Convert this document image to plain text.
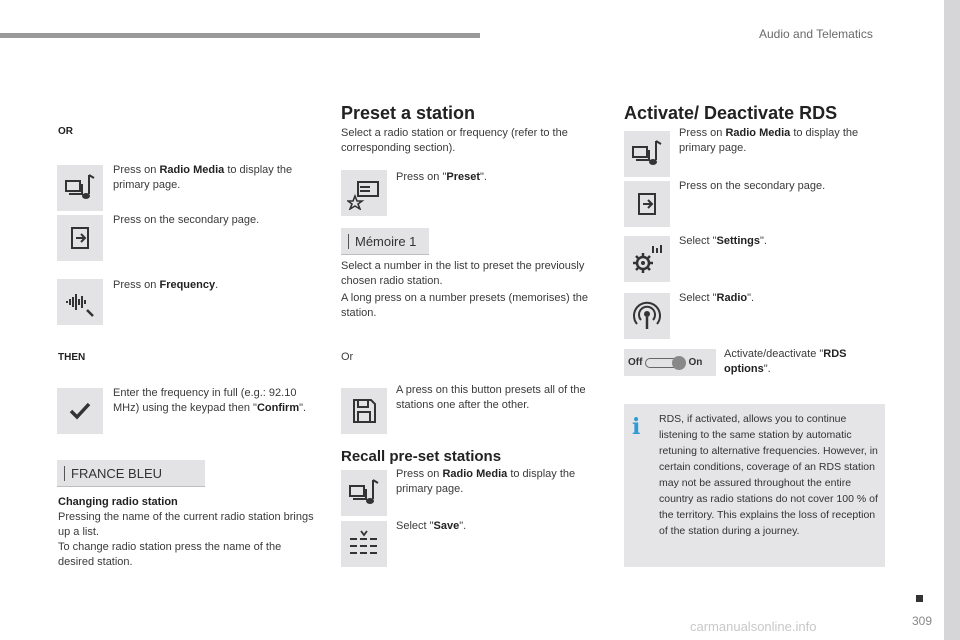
Audio and Telematics
OR
Press on Radio Media to display the primary page.
Press on the secondary page.
Press on Frequency.
THEN
Enter the frequency in full (e.g.: 92.10 MHz) using the keypad then "Confirm".
FRANCE BLEU
Changing radio station
Pressing the name of the current radio station brings up a list.
To change radio station press the name of the desired station.
Preset a station
Select a radio station or frequency (refer to the corresponding section).
Press on "Preset".
Mémoire 1
Select a number in the list to preset the previously chosen radio station.
A long press on a number presets (memorises) the station.
Or
A press on this button presets all of the stations one after the other.
Recall pre-set stations
Press on Radio Media to display the primary page.
Select "Save".
Activate/ Deactivate RDS
Press on Radio Media to display the primary page.
Press on the secondary page.
Select "Settings".
Select "Radio".
Off	On
Activate/deactivate "RDS options".
i RDS, if activated, allows you to continue listening to the same station by automatic retuning to alternative frequencies. However, in certain conditions, coverage of an RDS station may not be assured throughout the entire country as radio stations do not cover 100 % of the territory. This explains the loss of reception of the station during a journey.
309
carmanualsonline.info
